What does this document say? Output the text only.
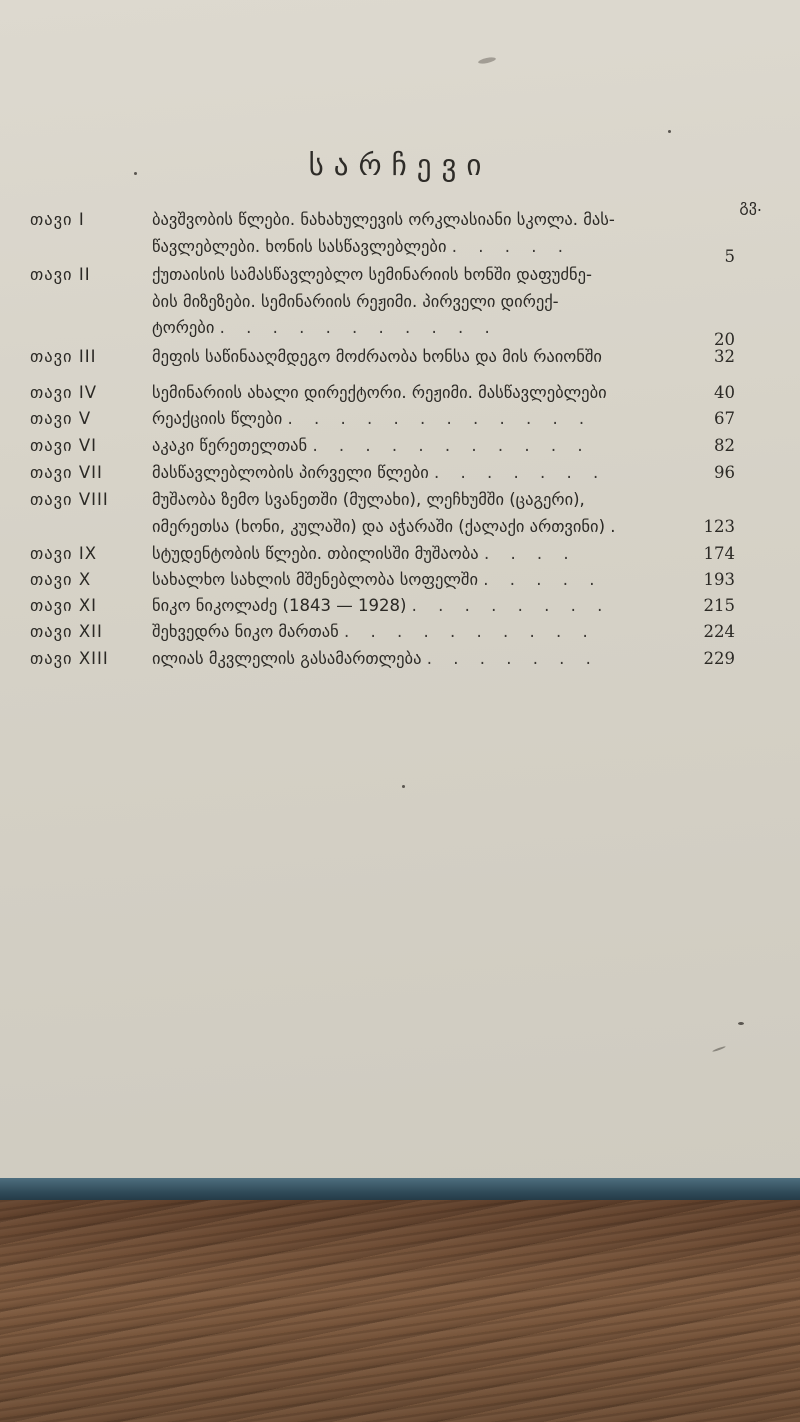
სარჩევი
გვ.
თავი I	ბავშვობის წლები. ნახახულევის ორკლასიანი სკოლა. მას-
წავლებლები. ხონის სასწავლებლები . . . . .
5
თავი II	ქუთაისის სამასწავლებლო სემინარიის ხონში დაფუძნე-
ბის მიზეზები. სემინარიის რეჟიმი. პირველი დირექ-
ტორები . . . . . . . . . . .
20
თავი III	მეფის საწინააღმდეგო მოძრაობა ხონსა და მის რაიონში	32
თავი IV	სემინარიის ახალი დირექტორი. რეჟიმი. მასწავლებლები	40
თავი V	რეაქციის წლები . . . . . . . . . . . .	67
თავი VI	აკაკი წერეთელთან . . . . . . . . . . .	82
თავი VII	მასწავლებლობის პირველი წლები . . . . . . .	96
თავი VIII	მუშაობა ზემო სვანეთში (მულახი), ლეჩხუმში (ცაგერი),
იმერეთსა (ხონი, კულაში) და აჭარაში (ქალაქი ართვინი) .	123
თავი IX	სტუდენტობის წლები. თბილისში მუშაობა . . . .	174
თავი X	სახალხო სახლის მშენებლობა სოფელში . . . . .	193
თავი XI	ნიკო ნიკოლაძე (1843 — 1928) . . . . . . . .	215
თავი XII	შეხვედრა ნიკო მართან . . . . . . . . . .	224
თავი XIII	ილიას მკვლელის გასამართლება . . . . . . .	229
